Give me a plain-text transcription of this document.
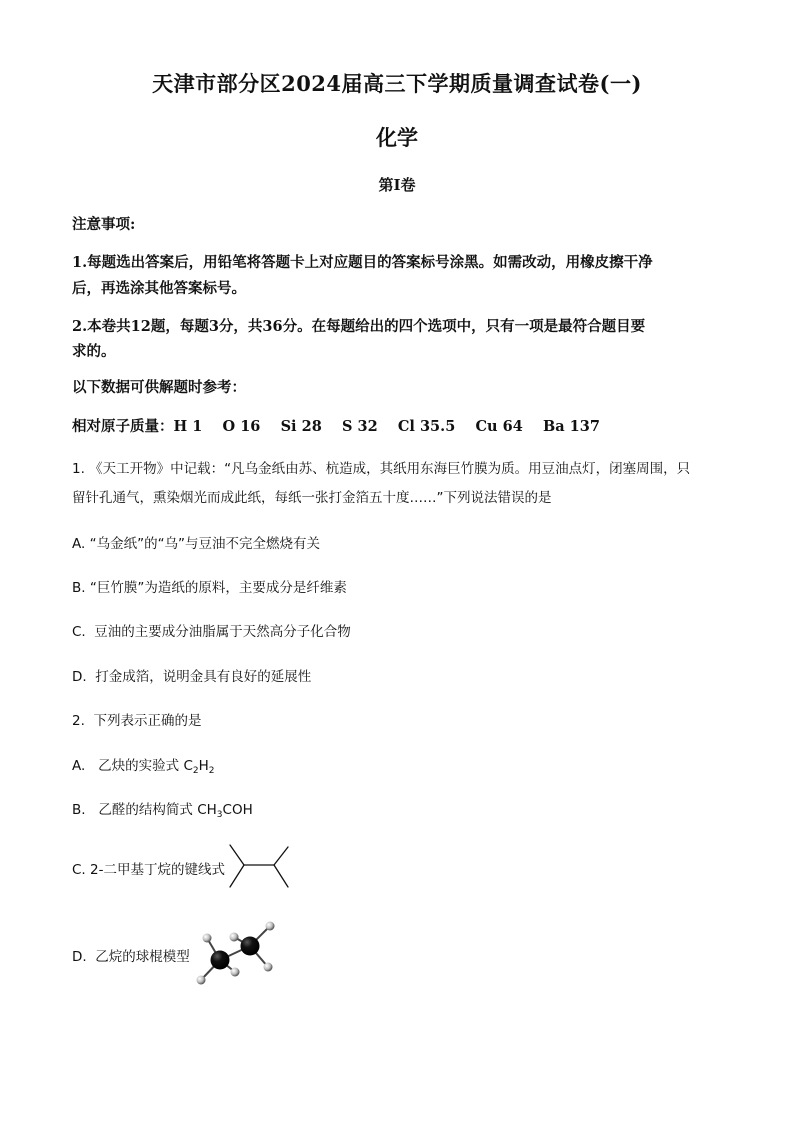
天津市部分区2024届高三下学期质量调查试卷(一)
化学
第Ⅰ卷
注意事项:
1.每题选出答案后，用铅笔将答题卡上对应题目的答案标号涂黑。如需改动，用橡皮擦干净
后，再选涂其他答案标号。
2.本卷共12题，每题3分，共36分。在每题给出的四个选项中，只有一项是最符合题目要
求的。
以下数据可供解题时参考：
相对原子质量：H 1    O 16    Si 28    S 32    Cl 35.5    Cu 64    Ba 137
1. 《天工开物》中记载：“凡乌金纸由苏、杭造成，其纸用东海巨竹膜为质。用豆油点灯，闭塞周围，只
留针孔通气，熏染烟光而成此纸，每纸一张打金箔五十度……”下列说法错误的是
A. “乌金纸”的“乌”与豆油不完全燃烧有关
B. “巨竹膜”为造纸的原料，主要成分是纤维素
C.  豆油的主要成分油脂属于天然高分子化合物
D.  打金成箔，说明金具有良好的延展性
2.  下列表示正确的是
A.   乙炔的实验式 $C_2H_2$
B.   乙醛的结构简式 $CH_3COH$
C. 2-二甲基丁烷的键线式
D.  乙烷的球棍模型
